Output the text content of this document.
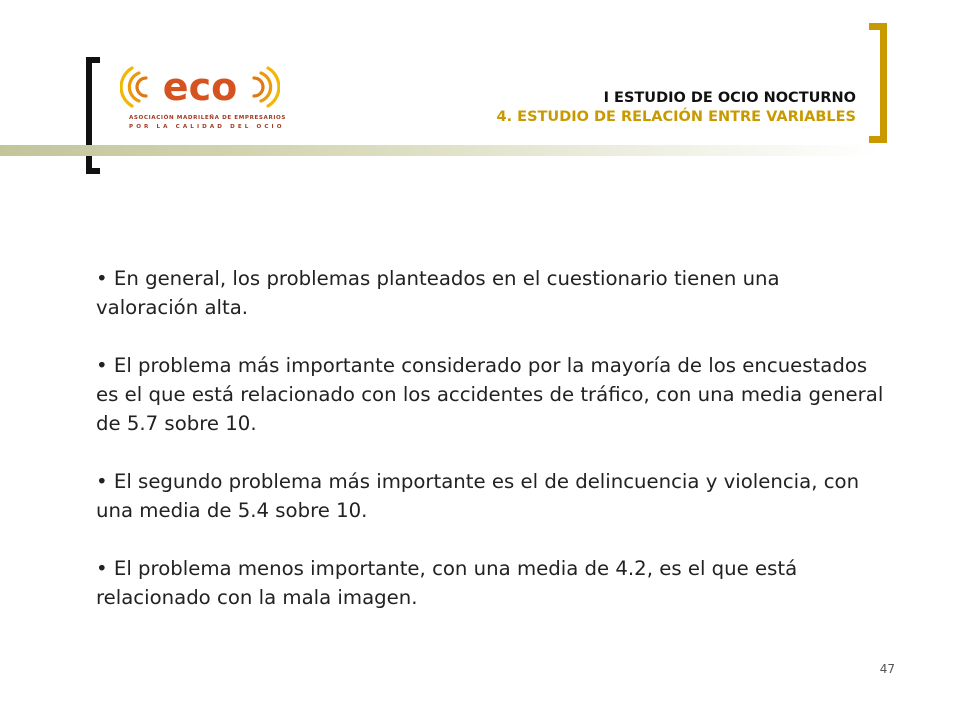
eco
ASOCIACIÓN MADRILEÑA DE EMPRESARIOS
POR LA CALIDAD DEL OCIO
I ESTUDIO DE OCIO NOCTURNO
4. ESTUDIO DE RELACIÓN ENTRE VARIABLES

• En general, los problemas planteados en el cuestionario tienen una valoración alta.

• El problema más importante considerado por la mayoría de los encuestados es el que está relacionado con los accidentes de tráfico, con una media general de 5.7 sobre 10.

• El segundo problema más importante es el de delincuencia y violencia, con una media de 5.4 sobre 10.

• El problema menos importante, con una media de 4.2, es el que está relacionado con la mala imagen.

47
